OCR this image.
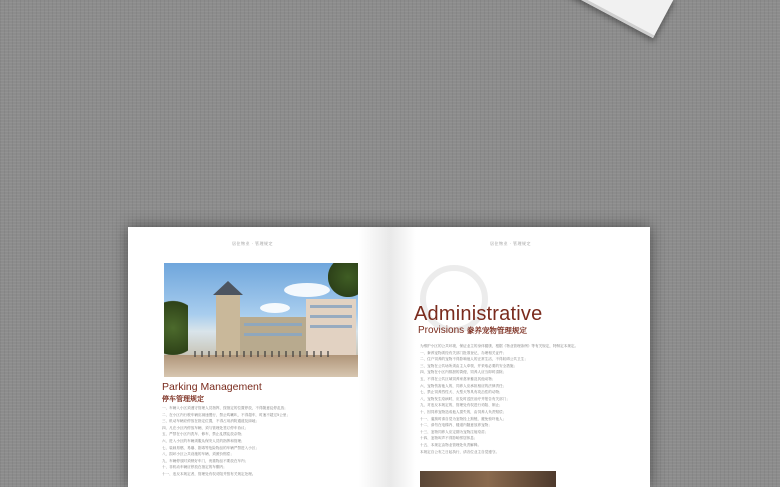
居住物业 · 管理规定
Parking Management
停车管理规定

一、车辆入小区须遵守管理人员指挥，按指定的位置停放，不得随意乱停乱放；

二、在小区内行驶车辆应减速慢行，禁止鸣喇叭，不得超车，时速不超过5公里；

三、机动车辆应停放在指定位置，不得占用消防通道及绿地；

四、凡在小区内停放车辆，须与管理处签订停车协议；

五、严禁在小区内洗车、修车，禁止乱摆乱放杂物；

六、进入小区的车辆须服从保安人员的指挥和管理；

七、装载易燃、易爆、剧毒等危险物品的车辆严禁进入小区；

八、损坏小区公共设施的车辆，须照价赔偿；

九、车辆停放时须锁好车门，贵重物品不要放在车内；

十、非机动车辆应停放在指定的车棚内；

十一、违反本规定者，管理处有权劝阻并按有关规定处理。

居住物业 · 管理规定
Administrative
Provisions 豢养宠物管理规定

为维护小区的公共环境，保证业主的身体健康，根据《物业管理条例》等有关规定，特制定本规定。

一、豢养宠物须经有关部门批准登记，办理相关证件；

二、住户饲养的宠物不得影响他人的正常生活，不得妨碍公共卫生；

三、宠物在公共场所须由主人牵领，并采取必要的安全措施；

四、宠物在小区内排泄的粪便，饲养人应当即时清除；

五、不得在公共区域饲养家禽家畜及其他动物；

六、宠物伤害他人的，饲养人应承担相应的法律责任；

七、禁止饲养烈性犬、大型犬等具有攻击性的动物；

八、宠物发生疫病时，应及时送医治疗并报告有关部门；

九、对违反本规定的，管理处有权进行劝阻、制止；

十、因饲养宠物造成他人损失的，由饲养人负责赔偿；

十一、遛狗时请自觉为宠物拴上狗链，避免惊吓他人；

十二、请勿在电梯内、楼道内随意放养宠物；

十三、宠物饲养人应定期为宠物注射疫苗；

十四、宠物叫声不得影响邻居休息；

十五、本规定由物业管理处负责解释。

本规定自公布之日起执行，请各位业主自觉遵守。
